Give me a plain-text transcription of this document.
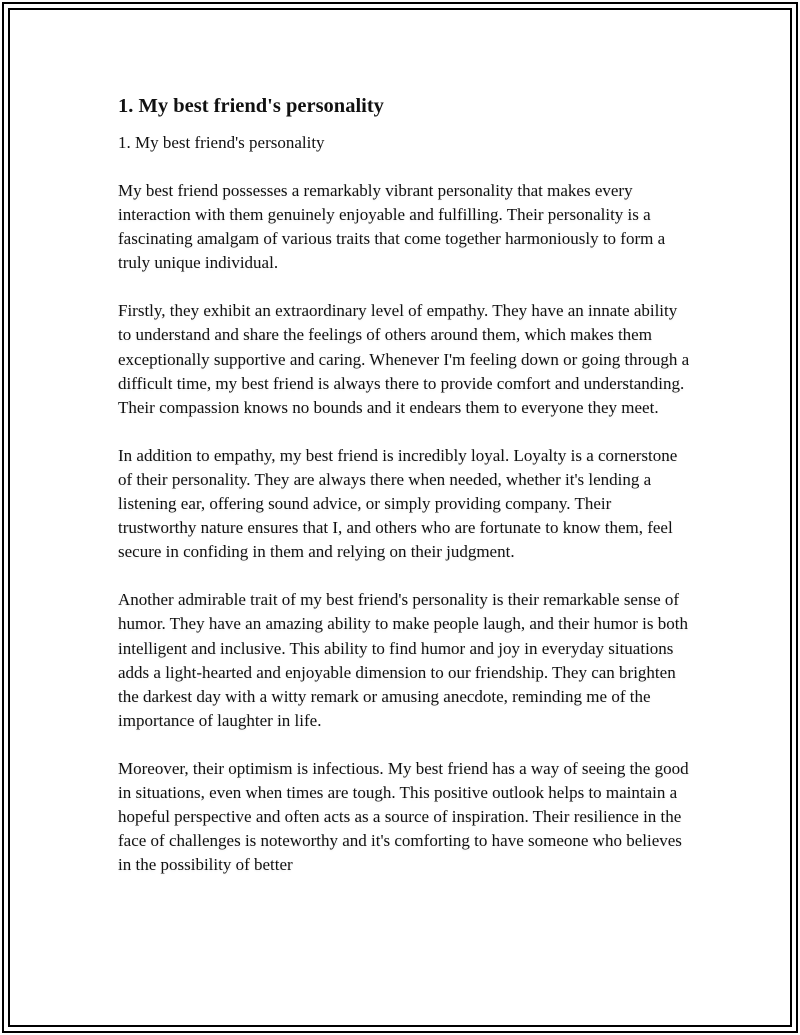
1. My best friend's personality
1. My best friend's personality

My best friend possesses a remarkably vibrant personality that makes every interaction with them genuinely enjoyable and fulfilling. Their personality is a fascinating amalgam of various traits that come together harmoniously to form a truly unique individual.

Firstly, they exhibit an extraordinary level of empathy. They have an innate ability to understand and share the feelings of others around them, which makes them exceptionally supportive and caring. Whenever I'm feeling down or going through a difficult time, my best friend is always there to provide comfort and understanding. Their compassion knows no bounds and it endears them to everyone they meet.

In addition to empathy, my best friend is incredibly loyal. Loyalty is a cornerstone of their personality. They are always there when needed, whether it's lending a listening ear, offering sound advice, or simply providing company. Their trustworthy nature ensures that I, and others who are fortunate to know them, feel secure in confiding in them and relying on their judgment.

Another admirable trait of my best friend's personality is their remarkable sense of humor. They have an amazing ability to make people laugh, and their humor is both intelligent and inclusive. This ability to find humor and joy in everyday situations adds a light-hearted and enjoyable dimension to our friendship. They can brighten the darkest day with a witty remark or amusing anecdote, reminding me of the importance of laughter in life.

Moreover, their optimism is infectious. My best friend has a way of seeing the good in situations, even when times are tough. This positive outlook helps to maintain a hopeful perspective and often acts as a source of inspiration. Their resilience in the face of challenges is noteworthy and it's comforting to have someone who believes in the possibility of better
